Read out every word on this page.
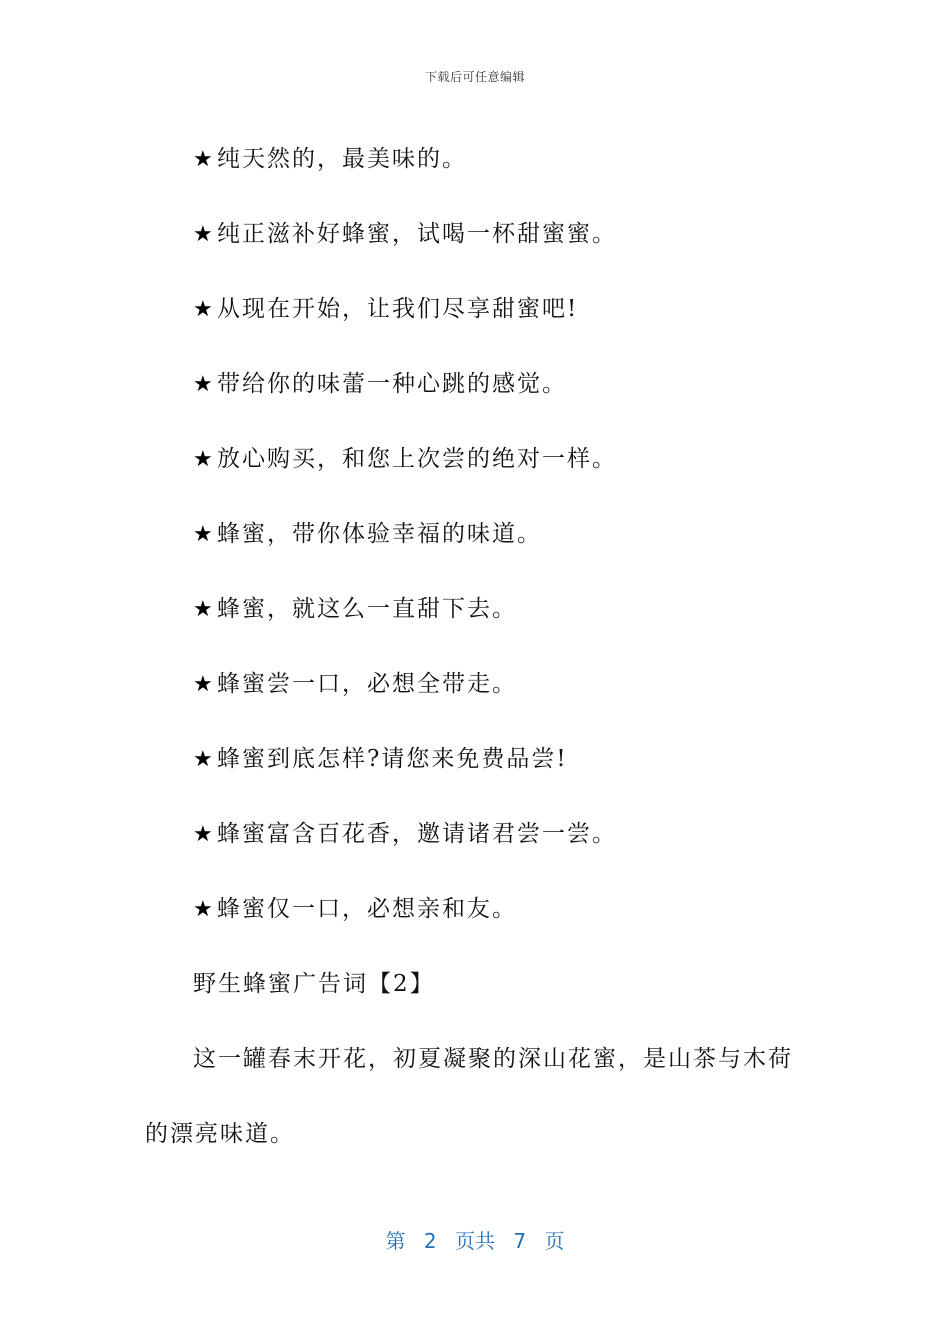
下载后可任意编辑
★纯天然的，最美味的。
★纯正滋补好蜂蜜，试喝一杯甜蜜蜜。
★从现在开始，让我们尽享甜蜜吧!
★带给你的味蕾一种心跳的感觉。
★放心购买，和您上次尝的绝对一样。
★蜂蜜，带你体验幸福的味道。
★蜂蜜，就这么一直甜下去。
★蜂蜜尝一口，必想全带走。
★蜂蜜到底怎样?请您来免费品尝!
★蜂蜜富含百花香，邀请诸君尝一尝。
★蜂蜜仅一口，必想亲和友。
野生蜂蜜广告词【2】
这一罐春末开花，初夏凝聚的深山花蜜，是山茶与木荷的漂亮味道。
第 2 页共 7 页
